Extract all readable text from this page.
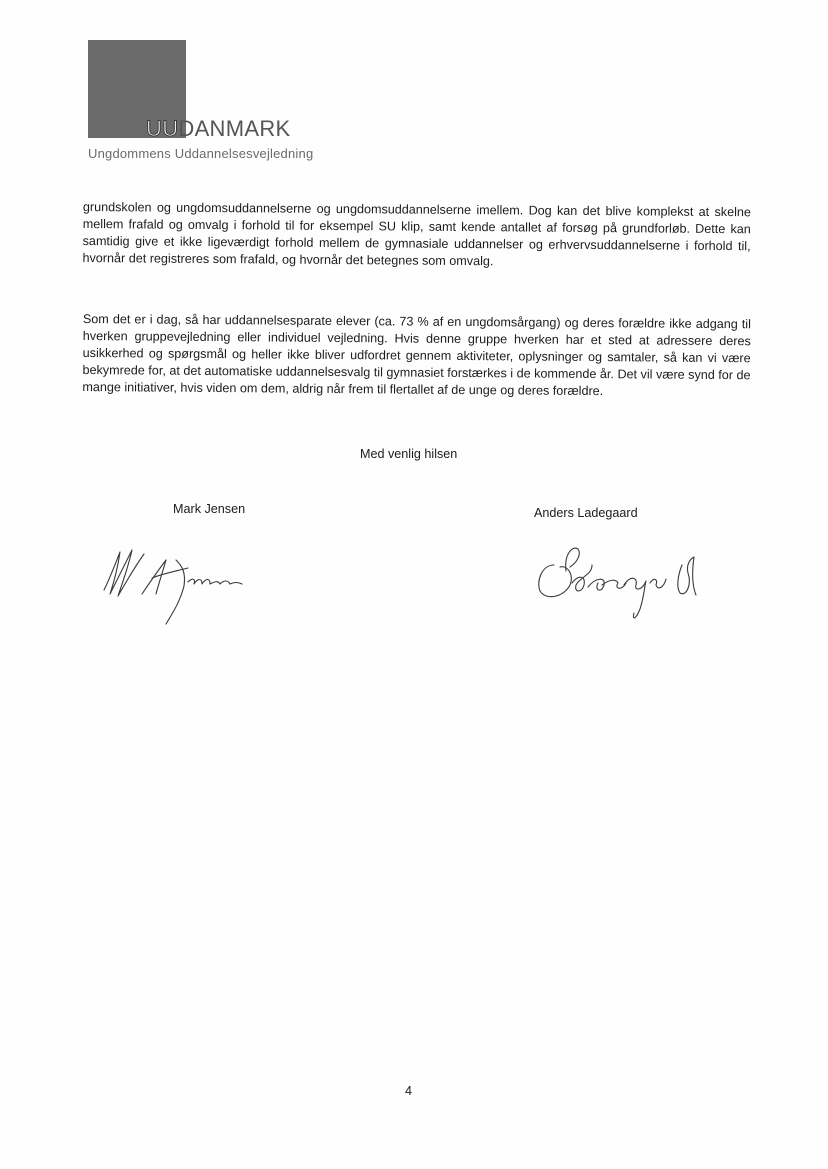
UUDANMARK
Ungdommens Uddannelsesvejledning

grundskolen og ungdomsuddannelserne og ungdomsuddannelserne imellem. Dog kan det blive komplekst at skelne mellem frafald og omvalg i forhold til for eksempel SU klip, samt kende antallet af forsøg på grundforløb. Dette kan samtidig give et ikke ligeværdigt forhold mellem de gymnasiale uddannelser og erhvervsuddannelserne i forhold til, hvornår det registreres som frafald, og hvornår det betegnes som omvalg.

Som det er i dag, så har uddannelsesparate elever (ca. 73 % af en ungdomsårgang) og deres forældre ikke adgang til hverken gruppevejledning eller individuel vejledning. Hvis denne gruppe hverken har et sted at adressere deres usikkerhed og spørgsmål og heller ikke bliver udfordret gennem aktiviteter, oplysninger og samtaler, så kan vi være bekymrede for, at det automatiske uddannelsesvalg til gymnasiet forstærkes i de kommende år. Det vil være synd for de mange initiativer, hvis viden om dem, aldrig når frem til flertallet af de unge og deres forældre.

Med venlig hilsen
Mark Jensen	Anders Ladegaard
4
